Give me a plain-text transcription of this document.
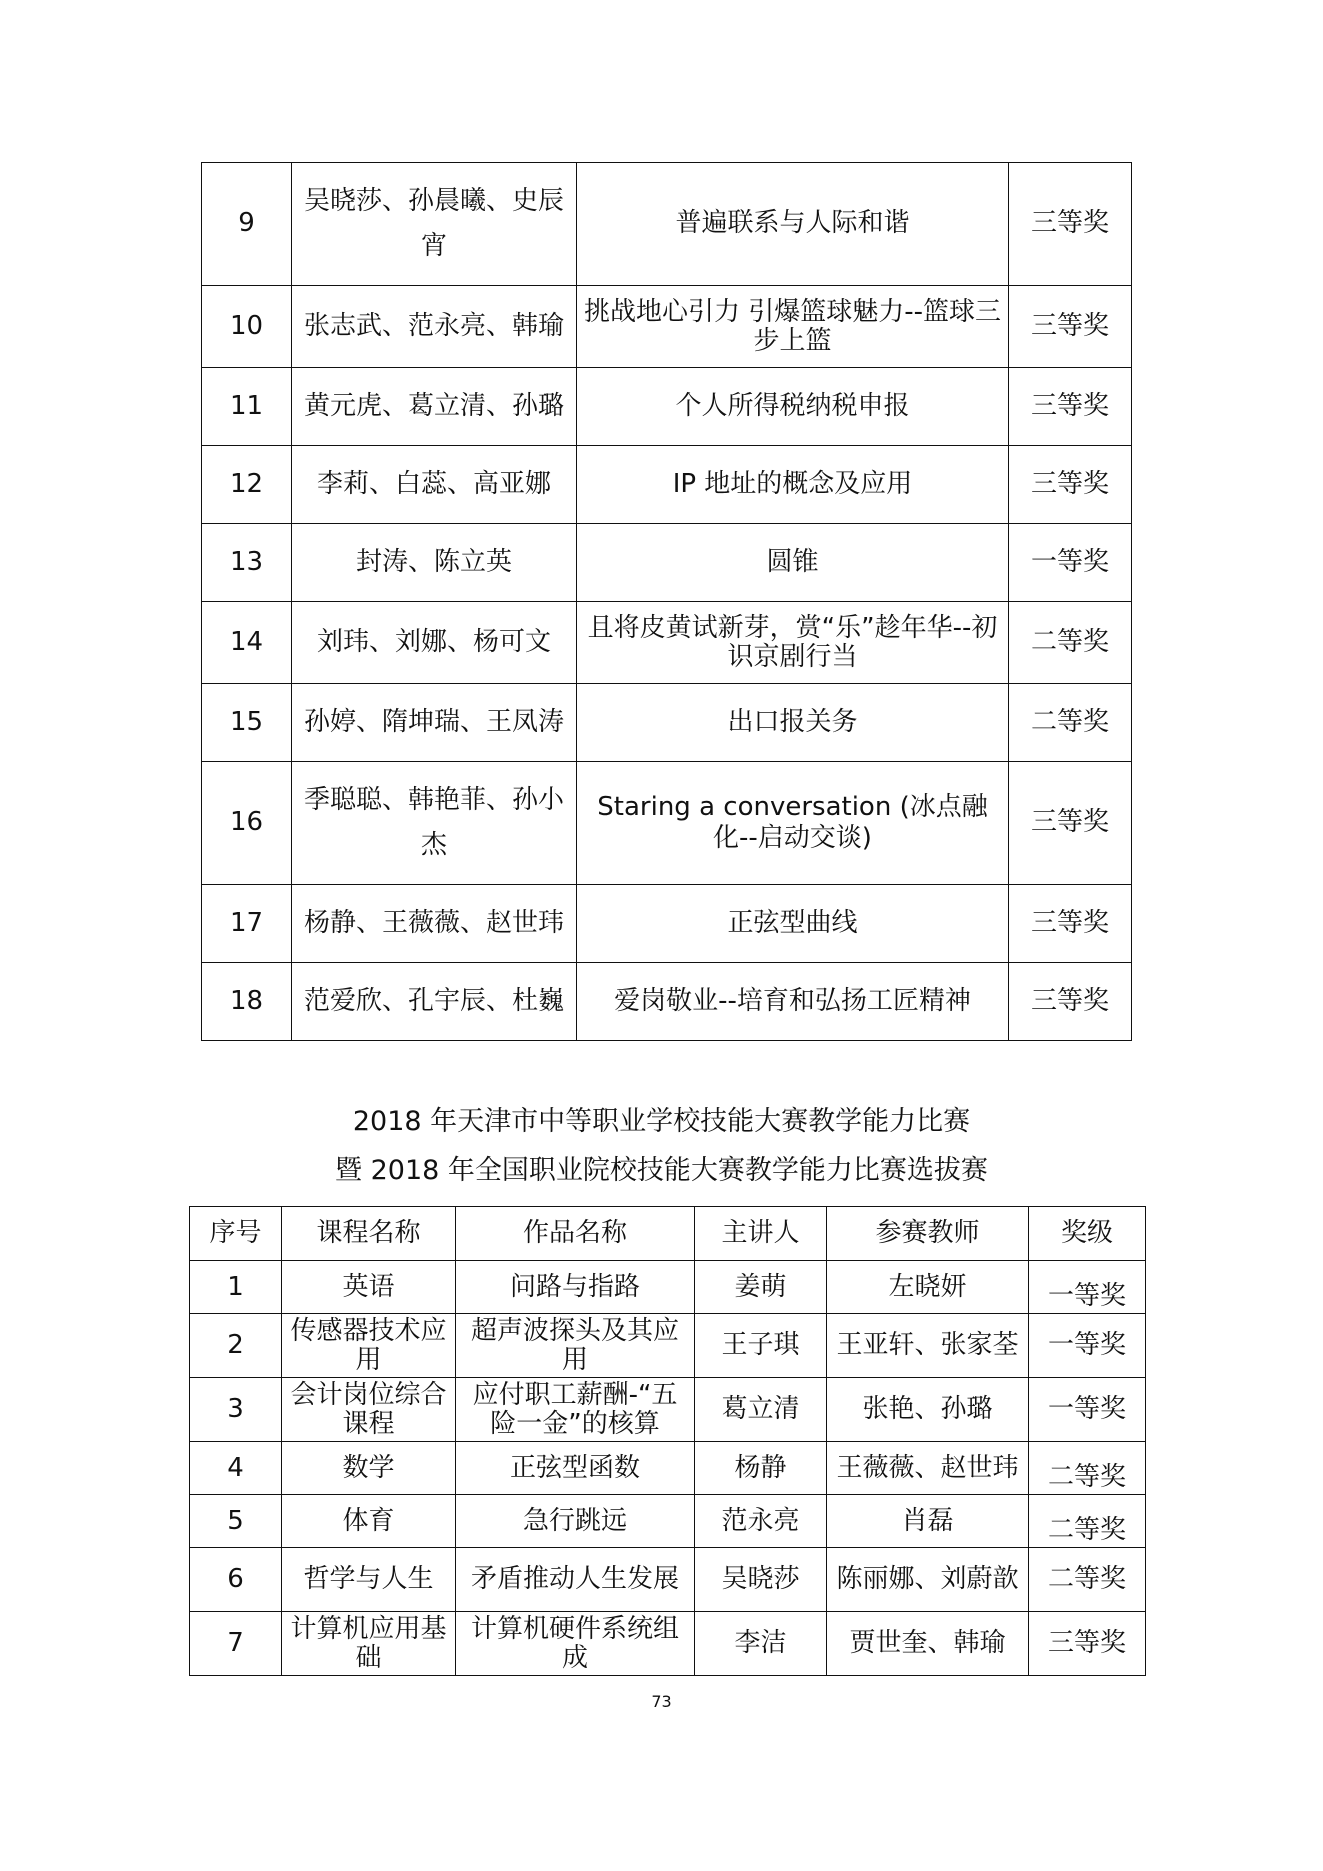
9	吴晓莎、孙晨曦、史辰宵	普遍联系与人际和谐	三等奖
10	张志武、范永亮、韩瑜	挑战地心引力 引爆篮球魅力--篮球三步上篮	三等奖
11	黄元虎、葛立清、孙璐	个人所得税纳税申报	三等奖
12	李莉、白蕊、高亚娜	IP 地址的概念及应用	三等奖
13	封涛、陈立英	圆锥	一等奖
14	刘玮、刘娜、杨可文	且将皮黄试新芽，赏“乐”趁年华--初识京剧行当	二等奖
15	孙婷、隋坤瑞、王凤涛	出口报关务	二等奖
16	季聪聪、韩艳菲、孙小杰	Staring a conversation (冰点融化--启动交谈)	三等奖
17	杨静、王薇薇、赵世玮	正弦型曲线	三等奖
18	范爱欣、孔宇辰、杜巍	爱岗敬业--培育和弘扬工匠精神	三等奖
2018 年天津市中等职业学校技能大赛教学能力比赛
暨 2018 年全国职业院校技能大赛教学能力比赛选拔赛
序号	课程名称	作品名称	主讲人	参赛教师	奖级
1	英语	问路与指路	姜萌	左晓妍	一等奖
2	传感器技术应用	超声波探头及其应用	王子琪	王亚轩、张家荃	一等奖
3	会计岗位综合课程	应付职工薪酬-“五险一金”的核算	葛立清	张艳、孙璐	一等奖
4	数学	正弦型函数	杨静	王薇薇、赵世玮	二等奖
5	体育	急行跳远	范永亮	肖磊	二等奖
6	哲学与人生	矛盾推动人生发展	吴晓莎	陈丽娜、刘蔚歆	二等奖
7	计算机应用基础	计算机硬件系统组成	李洁	贾世奎、韩瑜	三等奖
73
